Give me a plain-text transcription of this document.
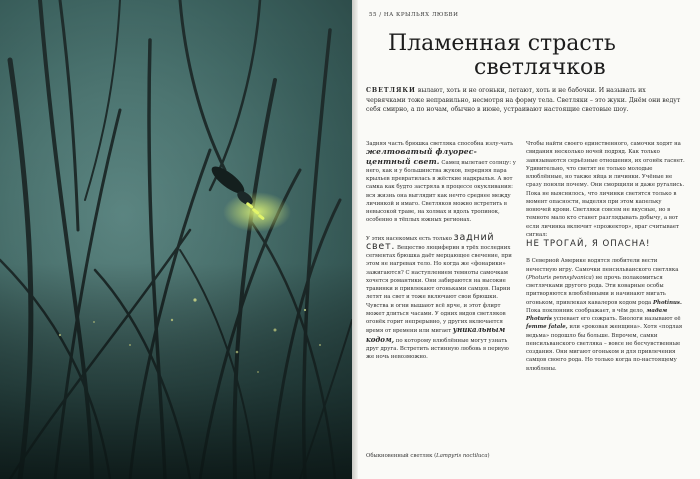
55 / НА КРЫЛЬЯХ ЛЮБВИ
Пламенная страсть
светлячков
СВЕТЛЯКИ вылают, хоть и не огоньки, летают, хоть и не бабочки. И называть их червячками тоже неправильно, несмотря на форму тела. Светляки – это жуки. Днём они ведут себя смирно, а по ночам, обычно в июне, устраивают настоящие световые шоу.

Задняя часть брюшка светляка способна излу-чать желтоватый флуорес-центный свет. Самец вылетает солнцу: у него, как и у большинства жуков, передняя пара крыльев превратилась в жёсткие надкрылья. А вот самка как будто застряла в процессе окукливания: вся жизнь она выглядит как нечто среднее между личинкой и имаго. Светляков можно встретить в невысокой траве, на холмах и вдоль тропинок, особенно в тёплых южных регионах.

У этих насекомых есть только задний свет. Вещество люциферин в трёх последних сегментах брюшка даёт мерцающее свечение, при этом не нагревая тело. Но когда же «фонарики» зажигаются? С наступлением темноты самочкам хочется романтики. Они забираются на высокие травинки и привлекают огоньками самцов. Парни летят на свет и тоже включают свои брюшки. Чувства и огни вышают всё ярче, и этот флирт может длиться часами. У одних видов светляков огонёк горит непрерывно, у других включается время от времени или мигает уникальным кодом, по которому влюблённые могут узнать друг друга. Встретить истинную любовь в первую же ночь невозможно.

Чтобы найти своего единственного, самочки ходят на свидания несколько ночей подряд. Как только завязываются серьёзные отношения, их огонёк гаснет. Удивительно, что светят не только молодые влюблённые, но также яйца и личинки. Учёные не сразу поняли почему. Они сморщили и даже ругались. Пока не выяснилось, что личинки светятся только в момент опасности, выделяя при этом капельку вонючей крови. Светляки совсем не вкусные, но в темноте мало кто станет разглядывать добычу, а вот если личинка включит «прожектор», враг считывает сигнал:
НЕ ТРОГАЙ, Я ОПАСНА!

В Северной Америке водятся любители вести нечестную игру. Самочки пенсильванского светляка (Photuris pennsylvanica) не прочь полакомиться светлячками другого рода. Эти коварные особы притворяются влюблёнными и начинают мигать огоньком, привлекая кавалеров кодом рода Photinus. Пока поклонник соображает, в чём дело, мадам Photuris успевает его сожрать. Биологи называют её femme fatale, или «роковая женщина». Хотя «подлая ведьма» подошло бы больше. Впрочем, самки пенсильванского светляка – вовсе не бесчувственные создания. Они мигают огоньком и для привлечения самцов своего рода. Но только когда по-настоящему влюблены.

Обыкновенный светляк (Lampyris noctiluca)
